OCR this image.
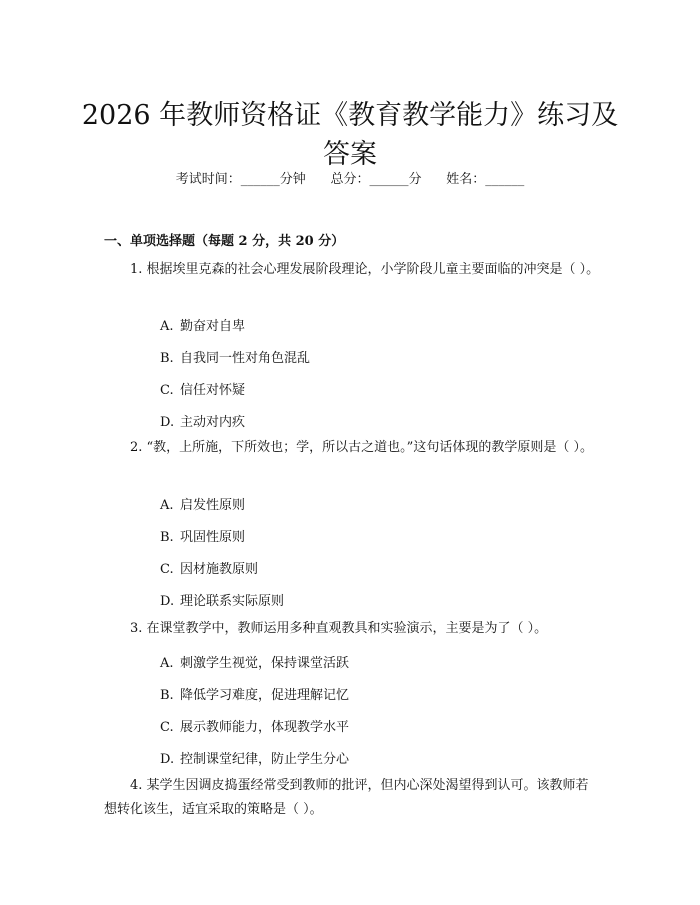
2026 年教师资格证《教育教学能力》练习及答案
考试时间：______分钟      总分：______分      姓名：______
一、单项选择题（每题 2 分，共 20 分）

1. 根据埃里克森的社会心理发展阶段理论，小学阶段儿童主要面临的冲突是（ ）。

A. 勤奋对自卑
B. 自我同一性对角色混乱
C. 信任对怀疑
D. 主动对内疚

2. “教，上所施，下所效也；学，所以古之道也。”这句话体现的教学原则是（ ）。

A. 启发性原则
B. 巩固性原则
C. 因材施教原则
D. 理论联系实际原则

3. 在课堂教学中，教师运用多种直观教具和实验演示，主要是为了（ ）。

A. 刺激学生视觉，保持课堂活跃
B. 降低学习难度，促进理解记忆
C. 展示教师能力，体现教学水平
D. 控制课堂纪律，防止学生分心

4. 某学生因调皮捣蛋经常受到教师的批评，但内心深处渴望得到认可。该教师若想转化该生，适宜采取的策略是（ ）。
